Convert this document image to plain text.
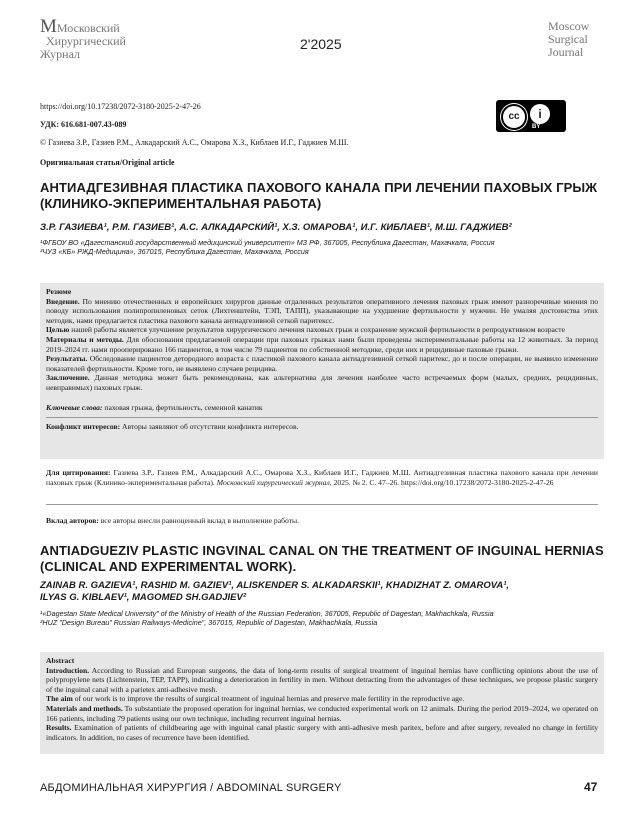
ММосковский
Хирургический
Журнал
2'2025
Moscow
Surgical
Journal
https://doi.org/10.17238/2072-3180-2025-2-47-26
УДК: 616.681-007.43-089
© Газиева З.Р., Газиев Р.М., Алкадарский А.С., Омарова Х.З., Киблаев И.Г., Гаджиев М.Ш.
Оригинальная статья/Original article
cc	i
BY
АНТИАДГЕЗИВНАЯ ПЛАСТИКА ПАХОВОГО КАНАЛА ПРИ ЛЕЧЕНИИ ПАХОВЫХ ГРЫЖ
(КЛИНИКО-ЭКПЕРИМЕНТАЛЬНАЯ РАБОТА)
З.Р. ГАЗИЕВА¹, Р.М. ГАЗИЕВ¹, А.С. АЛКАДАРСКИЙ¹, Х.З. ОМАРОВА¹, И.Г. КИБЛАЕВ¹, М.Ш. ГАДЖИЕВ²
¹ФГБОУ ВО «Дагестанский государственный медицинский университет» МЗ РФ, 367005, Республика Дагестан, Махачкала, Россия
²ЧУЗ «КБ» РЖД-Медицина», 367015, Республика Дагестан, Махачкала, Россия

Резюме

Введение. По мнению отечественных и европейских хирургов данные отдаленных результатов оперативного лечения паховых грыж имеют разноречивые мнения по поводу использования полипропиленовых сеток (Лихтенштейн, ТЭП, ТАПП), указывающие на ухудшение фертильности у мужчин. Не умаляя достоинства этих методик, нами предлагается пластика пахового канала антиадгезивной сеткой паритексс.

Целью нашей работы является улучшение результатов хирургического лечения паховых грыж и сохранение мужской фертильности в репродуктивном возрасте

Материалы и методы. Для обоснования предлагаемой операции при паховых грыжах нами были проведены экспериментальные работы на 12 животных. За период 2019–2024 гг. нами прооперировано 166 пациентов, в том числе 79 пациентов по собственной методике, среди них и рецидивные паховые грыжи.

Результаты. Обследование пациентов детородного возраста с пластикой пахового канала антиадгезивной сеткой паритекс, до и после операции, не выявило изменение показателей фертильности. Кроме того, не выявлено случаев рецидива.

Заключение. Данная методика может быть рекомендована, как альтернатива для лечения наиболее часто встречаемых форм (малых, средних, рецидивных, невправимых) паховых грыж.

Ключевые слова: паховая грыжа, фертильность, семенной канатик

Конфликт интересов: Авторы заявляют об отсутствии конфликта интересов.

Для цитирования: Газиева З.Р., Газиев Р.М., Алкадарский А.С., Омарова Х.З., Киблаев И.Г., Гаджиев М.Ш. Антиадгезивная пластика пахового канала при лечении паховых грыж (Клинико-экпериментальная работа). Московский хирургический журнал, 2025. № 2. С. 47–26. https://doi.org/10.17238/2072-3180-2025-2-47-26
Вклад авторов: все авторы внесли равноценный вклад в выполнение работы.
ANTIADGUEZIV PLASTIC INGVINAL CANAL ON THE TREATMENT OF INGUINAL HERNIAS
(CLINICAL AND EXPERIMENTAL WORK).
ZAINAB R. GAZIEVA¹, RASHID M. GAZIEV¹, ALISKENDER S. ALKADARSKII¹, KHADIZHAT Z. OMAROVA¹,
ILYAS G. KIBLAEV¹, MAGOMED SH.GADJIEV²
¹«Dagestan State Medical University" of the Ministry of Health of the Russian Federation, 367005, Republic of Dagestan, Makhachkala, Russia
²HUZ "Design Bureau" Russian Railways-Medicine", 367015, Republic of Dagestan, Makhachkala, Russia

Abstract

Introduction. According to Russian and European surgeons, the data of long-term results of surgical treatment of inguinal hernias have conflicting opinions about the use of polypropylene nets (Lichtenstein, TEP, TAPP), indicating a deterioration in fertility in men. Without detracting from the advantages of these techniques, we propose plastic surgery of the inguinal canal with a parietex anti-adhesive mesh.

The aim of our work is to improve the results of surgical treatment of inguinal hernias and preserve male fertility in the reproductive age.

Materials and methods. To substantiate the proposed operation for inguinal hernias, we conducted experimental work on 12 animals. During the period 2019–2024, we operated on 166 patients, including 79 patients using our own technique, including recurrent inguinal hernias.

Results. Examination of patients of childbearing age with inguinal canal plastic surgery with anti-adhesive mesh paritex, before and after surgery, revealed no change in fertility indicators. In addition, no cases of recurrence have been identified.

АБДОМИНАЛЬНАЯ ХИРУРГИЯ / ABDOMINAL SURGERY	47
